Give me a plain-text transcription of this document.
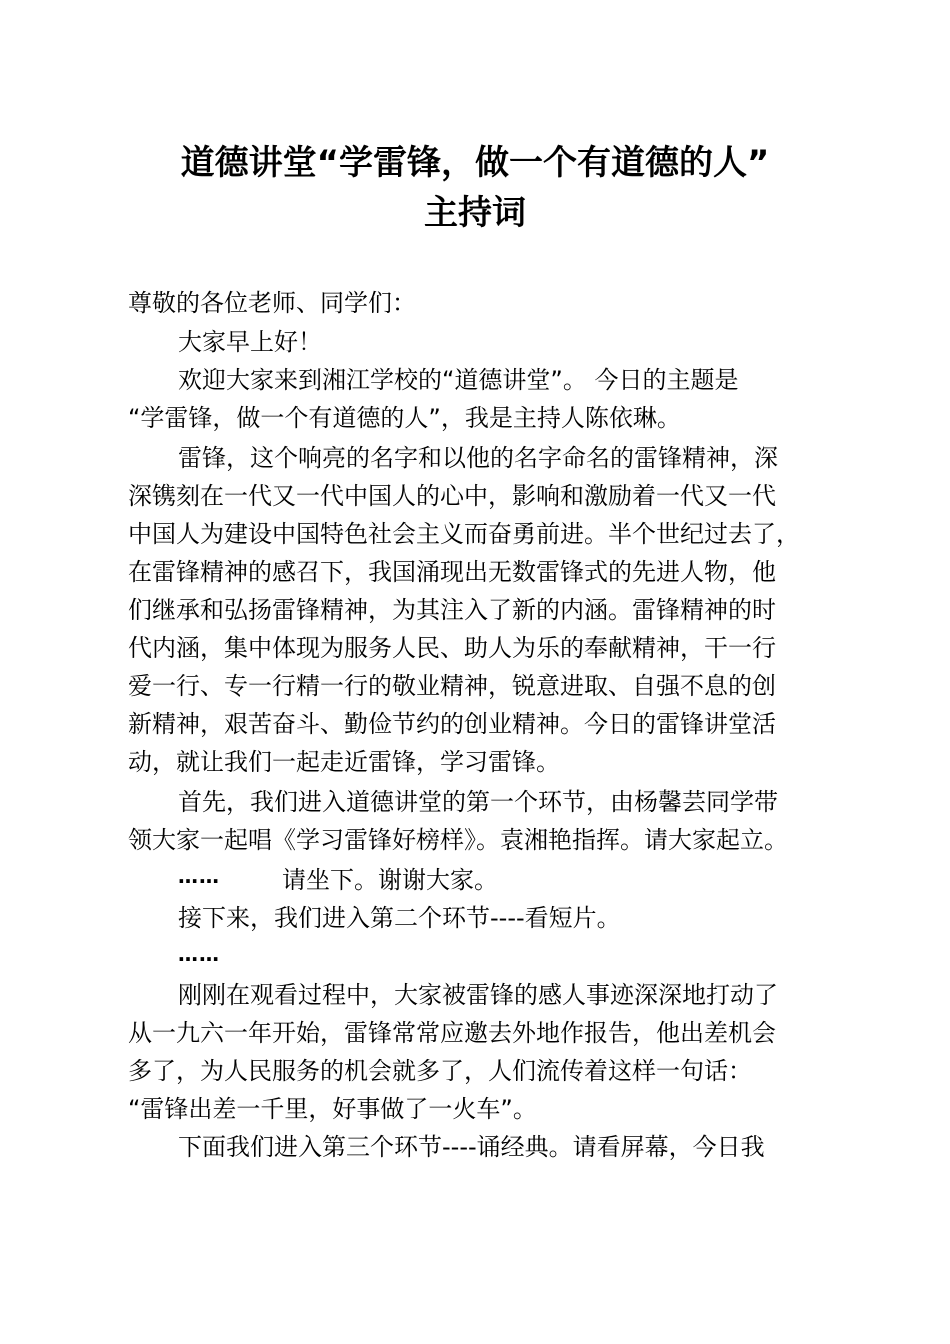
道德讲堂“学雷锋，做一个有道德的人”
主持词
尊敬的各位老师、同学们：
大家早上好！
欢迎大家来到湘江学校的“道德讲堂”。 今日的主题是
“学雷锋，做一个有道德的人”，我是主持人陈依琳。
雷锋，这个响亮的名字和以他的名字命名的雷锋精神，深
深镌刻在一代又一代中国人的心中，影响和激励着一代又一代
中国人为建设中国特色社会主义而奋勇前进。半个世纪过去了，
在雷锋精神的感召下，我国涌现出无数雷锋式的先进人物，他
们继承和弘扬雷锋精神，为其注入了新的内涵。雷锋精神的时
代内涵，集中体现为服务人民、助人为乐的奉献精神，干一行
爱一行、专一行精一行的敬业精神，锐意进取、自强不息的创
新精神，艰苦奋斗、勤俭节约的创业精神。今日的雷锋讲堂活
动，就让我们一起走近雷锋，学习雷锋。
首先，我们进入道德讲堂的第一个环节，由杨馨芸同学带
领大家一起唱《学习雷锋好榜样》。袁湘艳指挥。请大家起立。
……	请坐下。谢谢大家。
接下来，我们进入第二个环节----看短片。
……
刚刚在观看过程中，大家被雷锋的感人事迹深深地打动了
从一九六一年开始，雷锋常常应邀去外地作报告，他出差机会
多了，为人民服务的机会就多了，人们流传着这样一句话：
“雷锋出差一千里，好事做了一火车”。
下面我们进入第三个环节----诵经典。请看屏幕，今日我
